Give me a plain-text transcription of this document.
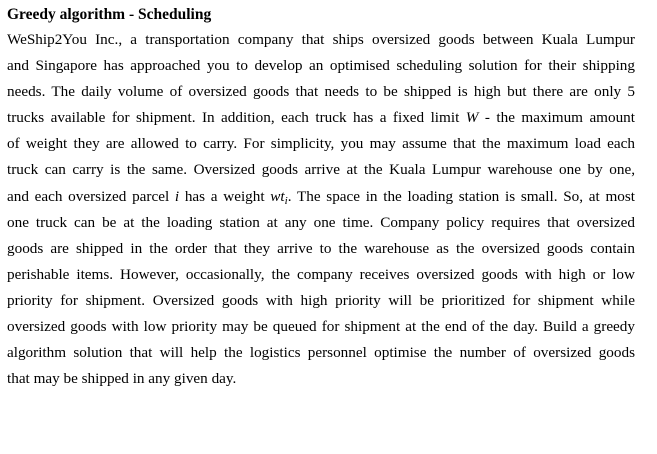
Greedy algorithm - Scheduling
WeShip2You Inc., a transportation company that ships oversized goods between Kuala Lumpur
and Singapore has approached you to develop an optimised scheduling solution for their shipping
needs. The daily volume of oversized goods that needs to be shipped is high but there are only 5
trucks available for shipment. In addition, each truck has a fixed limit W - the maximum amount
of weight they are allowed to carry. For simplicity, you may assume that the maximum load each
truck can carry is the same. Oversized goods arrive at the Kuala Lumpur warehouse one by one,
and each oversized parcel i has a weight $wt_i$. The space in the loading station is small. So, at most
one truck can be at the loading station at any one time. Company policy requires that oversized
goods are shipped in the order that they arrive to the warehouse as the oversized goods contain
perishable items. However, occasionally, the company receives oversized goods with high or low
priority for shipment. Oversized goods with high priority will be prioritized for shipment while
oversized goods with low priority may be queued for shipment at the end of the day. Build a greedy
algorithm solution that will help the logistics personnel optimise the number of oversized goods
that may be shipped in any given day.
